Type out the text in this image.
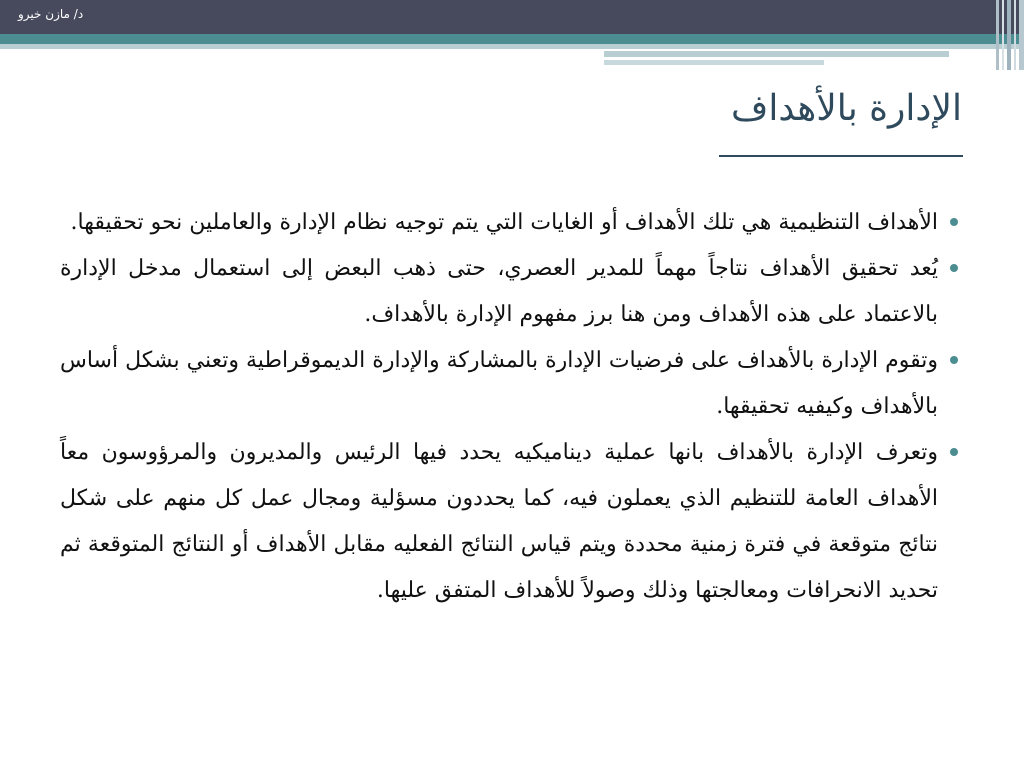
د/ مازن خيرو
الإدارة بالأهداف

الأهداف التنظيمية هي تلك الأهداف أو الغايات التي يتم توجيه نظام الإدارة والعاملين نحو تحقيقها.

يُعد تحقيق الأهداف نتاجاً مهماً للمدير العصري، حتى ذهب البعض إلى استعمال مدخل الإدارة بالاعتماد على هذه الأهداف ومن هنا برز مفهوم الإدارة بالأهداف.

وتقوم الإدارة بالأهداف على فرضيات الإدارة بالمشاركة والإدارة الديموقراطية وتعني بشكل أساس بالأهداف وكيفيه تحقيقها.

وتعرف الإدارة بالأهداف بانها عملية ديناميكيه يحدد فيها الرئيس والمديرون والمرؤوسون معاً الأهداف العامة للتنظيم الذي يعملون فيه، كما يحددون مسؤلية ومجال عمل كل منهم على شكل نتائج متوقعة في فترة زمنية محددة ويتم قياس النتائج الفعليه مقابل الأهداف أو النتائج المتوقعة ثم تحديد الانحرافات ومعالجتها وذلك وصولاً للأهداف المتفق عليها.
